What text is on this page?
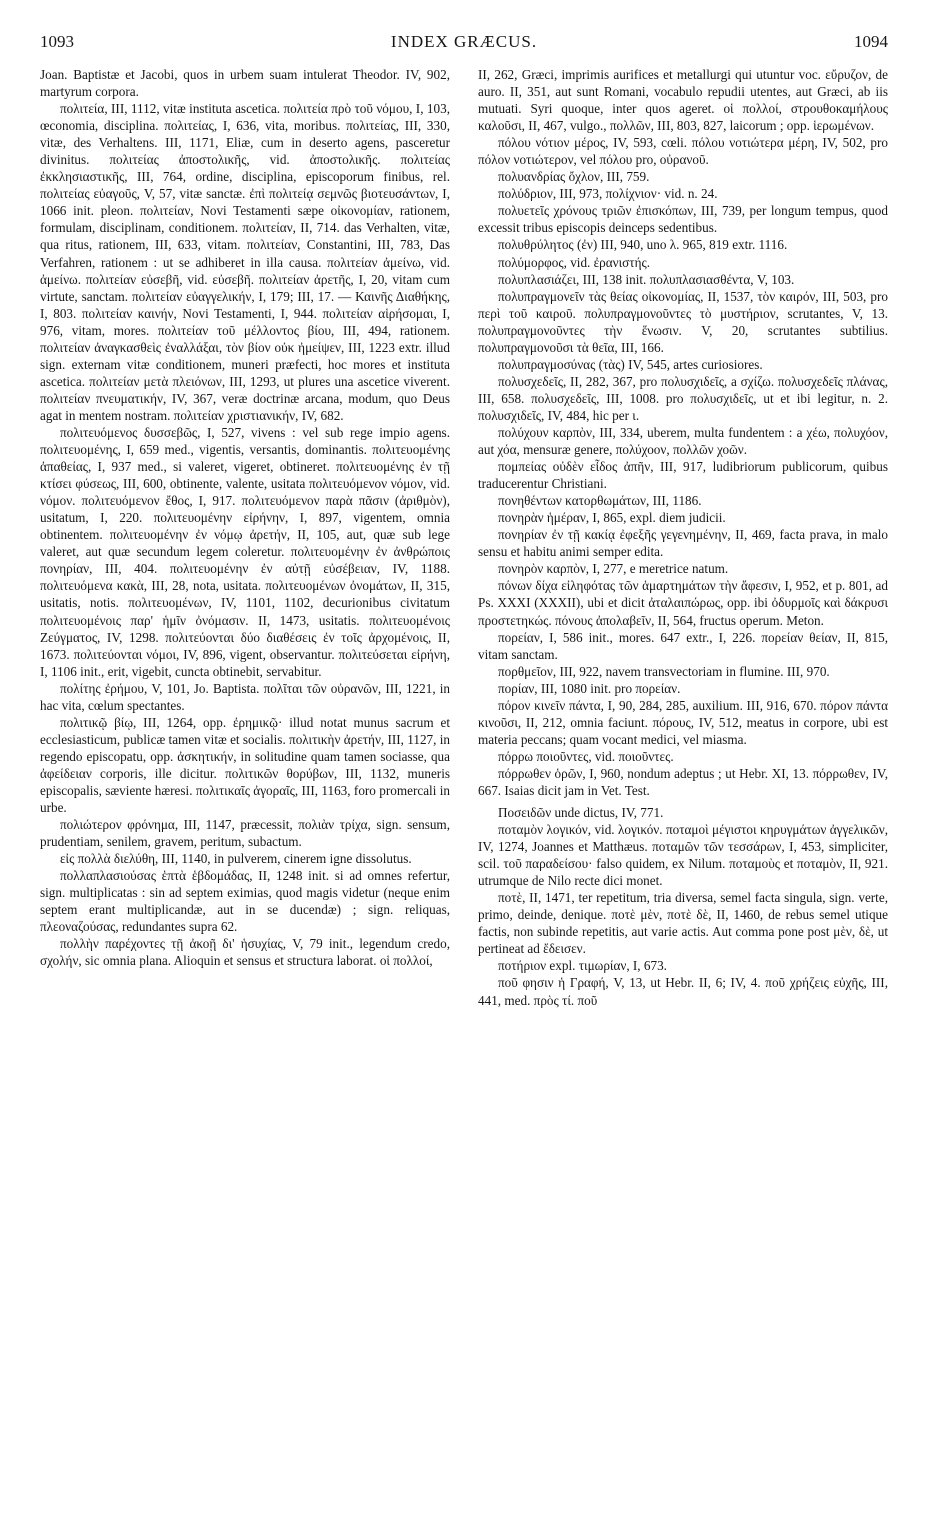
1093	INDEX GRÆCUS.	1094

Joan. Baptistæ et Jacobi, quos in urbem suam intulerat Theodor. IV, 902, martyrum corpora.

πολιτεία, III, 1112, vitæ instituta ascetica. πολιτεία πρὸ τοῦ νόμου, I, 103, œconomia, disciplina. πολιτείας, I, 636, vita, moribus. πολιτείας, III, 330, vitæ, des Verhaltens. III, 1171, Eliæ, cum in deserto agens, pasceretur divinitus. πολιτείας ἀποστολικῆς, vid. ἀποστολικῆς. πολιτείας ἐκκλησιαστικῆς, III, 764, ordine, disciplina, episcoporum finibus, rel. πολιτείας εὐαγοῦς, V, 57, vitæ sanctæ. ἐπὶ πολιτείᾳ σεμνῶς βιοτευσάντων, I, 1066 init. pleon. πολιτείαν, Novi Testamenti sæpe οἰκονομίαν, rationem, formulam, disciplinam, conditionem. πολιτείαν, II, 714. das Verhalten, vitæ, qua ritus, rationem, III, 633, vitam. πολιτείαν, Constantini, III, 783, Das Verfahren, rationem : ut se adhiberet in illa causa. πολιτείαν ἀμείνω, vid. ἀμείνω. πολιτείαν εὐσεβῆ, vid. εὐσεβῆ. πολιτείαν ἀρετῆς, I, 20, vitam cum virtute, sanctam. πολιτείαν εὐαγγελικήν, I, 179; III, 17. — Καινῆς Διαθήκης, I, 803. πολιτείαν καινήν, Novi Testamenti, I, 944. πολιτείαν αἱρήσομαι, I, 976, vitam, mores. πολιτείαν τοῦ μέλλοντος βίου, III, 494, rationem. πολιτείαν ἀναγκασθεὶς ἐναλλάξαι, τὸν βίον οὐκ ἠμείψεν, III, 1223 extr. illud sign. externam vitæ conditionem, muneri præfecti, hoc mores et instituta ascetica. πολιτείαν μετὰ πλειόνων, III, 1293, ut plures una ascetice viverent. πολιτείαν πνευματικήν, IV, 367, veræ doctrinæ arcana, modum, quo Deus agat in mentem nostram. πολιτείαν χριστιανικήν, IV, 682.

πολιτευόμενος δυσσεβῶς, I, 527, vivens : vel sub rege impio agens. πολιτευομένης, I, 659 med., vigentis, versantis, dominantis. πολιτευομένης ἀπαθείας, I, 937 med., si valeret, vigeret, obtineret. πολιτευομένης ἐν τῇ κτίσει φύσεως, III, 600, obtinente, valente, usitata πολιτευόμενον νόμον, vid. νόμον. πολιτευόμενον ἔθος, I, 917. πολιτευόμενον παρὰ πᾶσιν (ἀριθμὸν), usitatum, I, 220. πολιτευομένην εἰρήνην, I, 897, vigentem, omnia obtinentem. πολιτευομένην ἐν νόμῳ ἀρετήν, II, 105, aut, quæ sub lege valeret, aut quæ secundum legem coleretur. πολιτευομένην ἐν ἀνθρώποις πονηρίαν, III, 404. πολιτευομένην ἐν αὐτῇ εὐσέβειαν, IV, 1188. πολιτευόμενα κακὰ, III, 28, nota, usitata. πολιτευομένων ὀνομάτων, II, 315, usitatis, notis. πολιτευομένων, IV, 1101, 1102, decurionibus civitatum πολιτευομένοις παρ' ἡμῖν ὀνόμασιν. II, 1473, usitatis. πολιτευομένοις Ζεύγματος, IV, 1298. πολιτεύονται δύο διαθέσεις ἐν τοῖς ἀρχομένοις, II, 1673. πολιτεύονται νόμοι, IV, 896, vigent, observantur. πολιτεύσεται εἰρήνη, I, 1106 init., erit, vigebit, cuncta obtinebit, servabitur.

πολίτης ἐρήμου, V, 101, Jo. Baptista. πολῖται τῶν οὐρανῶν, III, 1221, in hac vita, cœlum spectantes.

πολιτικῷ βίῳ, III, 1264, opp. ἐρημικῷ· illud notat munus sacrum et ecclesiasticum, publicæ tamen vitæ et socialis. πολιτικὴν ἀρετήν, III, 1127, in regendo episcopatu, opp. ἀσκητικήν, in solitudine quam tamen sociasse, qua ἀφείδειαν corporis, ille dicitur. πολιτικῶν θορύβων, III, 1132, muneris episcopalis, sæviente hæresi. πολιτικαῖς ἀγοραῖς, III, 1163, foro promercali in urbe.

πολιώτερον φρόνημα, III, 1147, præcessit, πολιὰν τρίχα, sign. sensum, prudentiam, senilem, gravem, peritum, subactum.

εἰς πολλὰ διελύθη, III, 1140, in pulverem, cinerem igne dissolutus.

πολλαπλασιούσας ἑπτὰ ἑβδομάδας, II, 1248 init. si ad omnes refertur, sign. multiplicatas : sin ad septem eximias, quod magis videtur (neque enim septem erant multiplicandæ, aut in se ducendæ) ; sign. reliquas, πλεοναζούσας, redundantes supra 62.

πολλὴν παρέχοντες τῇ ἀκοῇ δι' ἡσυχίας, V, 79 init., legendum credo, σχολήν, sic omnia plana. Alioquin et sensus et structura laborat. οἱ πολλοί,

II, 262, Græci, imprimis aurifices et metallurgi qui utuntur voc. εὔρυζον, de auro. II, 351, aut sunt Romani, vocabulo repudii utentes, aut Græci, ab iis mutuati. Syri quoque, inter quos ageret. οἱ πολλοί, στρουθοκαμήλους καλοῦσι, II, 467, vulgo., πολλῶν, III, 803, 827, laicorum ; opp. ἱερωμένων.

πόλου νότιον μέρος, IV, 593, cœli. πόλου νοτιώτερα μέρη, IV, 502, pro πόλον νοτιώτερον, vel πόλου pro, οὐρανοῦ.

πολυανδρίας ὄχλον, III, 759.

πολύδριον, III, 973, πολίχνιον· vid. n. 24.

πολυετεῖς χρόνους τριῶν ἐπισκόπων, III, 739, per longum tempus, quod excessit tribus episcopis deinceps sedentibus.

πολυθρύλητος (ἐν) III, 940, uno λ. 965, 819 extr. 1116.

πολύμορφος, vid. ἐρανιστής.

πολυπλασιάζει, III, 138 init. πολυπλασιασθέντα, V, 103.

πολυπραγμονεῖν τὰς θείας οἰκονομίας, II, 1537, τὸν καιρόν, III, 503, pro περὶ τοῦ καιροῦ. πολυπραγμονοῦντες τὸ μυστήριον, scrutantes, V, 13. πολυπραγμονοῦντες τὴν ἕνωσιν. V, 20, scrutantes subtilius. πολυπραγμονοῦσι τὰ θεῖα, III, 166.

πολυπραγμοσύνας (τὰς) IV, 545, artes curiosiores.

πολυσχεδεῖς, II, 282, 367, pro πολυσχιδεῖς, a σχίζω. πολυσχεδεῖς πλάνας, III, 658. πολυσχεδεῖς, III, 1008. pro πολυσχιδεῖς, ut et ibi legitur, n. 2. πολυσχιδεῖς, IV, 484, hic per ι.

πολύχουν καρπὸν, III, 334, uberem, multa fundentem : a χέω, πολυχόον, aut χόα, mensuræ genere, πολύχοον, πολλῶν χοῶν.

πομπείας οὐδὲν εἶδος ἀπῆν, III, 917, ludibriorum publicorum, quibus traducerentur Christiani.

πονηθέντων κατορθωμάτων, III, 1186.

πονηρὰν ἡμέραν, I, 865, expl. diem judicii.

πονηρίαν ἐν τῇ κακίᾳ ἐφεξῆς γεγενημένην, II, 469, facta prava, in malo sensu et habitu animi semper edita.

πονηρὸν καρπὸν, I, 277, e meretrice natum.

πόνων δίχα εἰληφότας τῶν ἁμαρτημάτων τὴν ἄφεσιν, I, 952, et p. 801, ad Ps. XXXI (XXXII), ubi et dicit ἀταλαιπώρως, opp. ibi ὀδυρμοῖς καὶ δάκρυσι προστετηκώς. πόνους ἀπολαβεῖν, II, 564, fructus operum. Meton.

πορείαν, I, 586 init., mores. 647 extr., I, 226. πορείαν θείαν, II, 815, vitam sanctam.

πορθμεῖον, III, 922, navem transvectoriam in flumine. III, 970.

πορίαν, III, 1080 init. pro πορείαν.

πόρον κινεῖν πάντα, I, 90, 284, 285, auxilium. III, 916, 670. πόρον πάντα κινοῦσι, II, 212, omnia faciunt. πόρους, IV, 512, meatus in corpore, ubi est materia peccans; quam vocant medici, vel miasma.

πόρρω ποιοῦντες, vid. ποιοῦντες.

πόρρωθεν ὁρῶν, I, 960, nondum adeptus ; ut Hebr. XI, 13. πόρρωθεν, IV, 667. Isaias dicit jam in Vet. Test.

Ποσειδῶν unde dictus, IV, 771.

ποταμὸν λογικόν, vid. λογικόν. ποταμοὶ μέγιστοι κηρυγμάτων ἀγγελικῶν, IV, 1274, Joannes et Matthæus. ποταμῶν τῶν τεσσάρων, I, 453, simpliciter, scil. τοῦ παραδείσου· falso quidem, ex Nilum. ποταμοὺς et ποταμὸν, II, 921. utrumque de Nilo recte dici monet.

ποτὲ, II, 1471, ter repetitum, tria diversa, semel facta singula, sign. verte, primo, deinde, denique. ποτὲ μὲν, ποτὲ δὲ, II, 1460, de rebus semel utique factis, non subinde repetitis, aut varie actis. Aut comma pone post μὲν, δὲ, ut pertineat ad ἔδεισεν.

ποτήριον expl. τιμωρίαν, I, 673.

ποῦ φησιν ἡ Γραφή, V, 13, ut Hebr. II, 6; IV, 4. ποῦ χρήζεις εὐχῆς, III, 441, med. πρὸς τί. ποῦ
